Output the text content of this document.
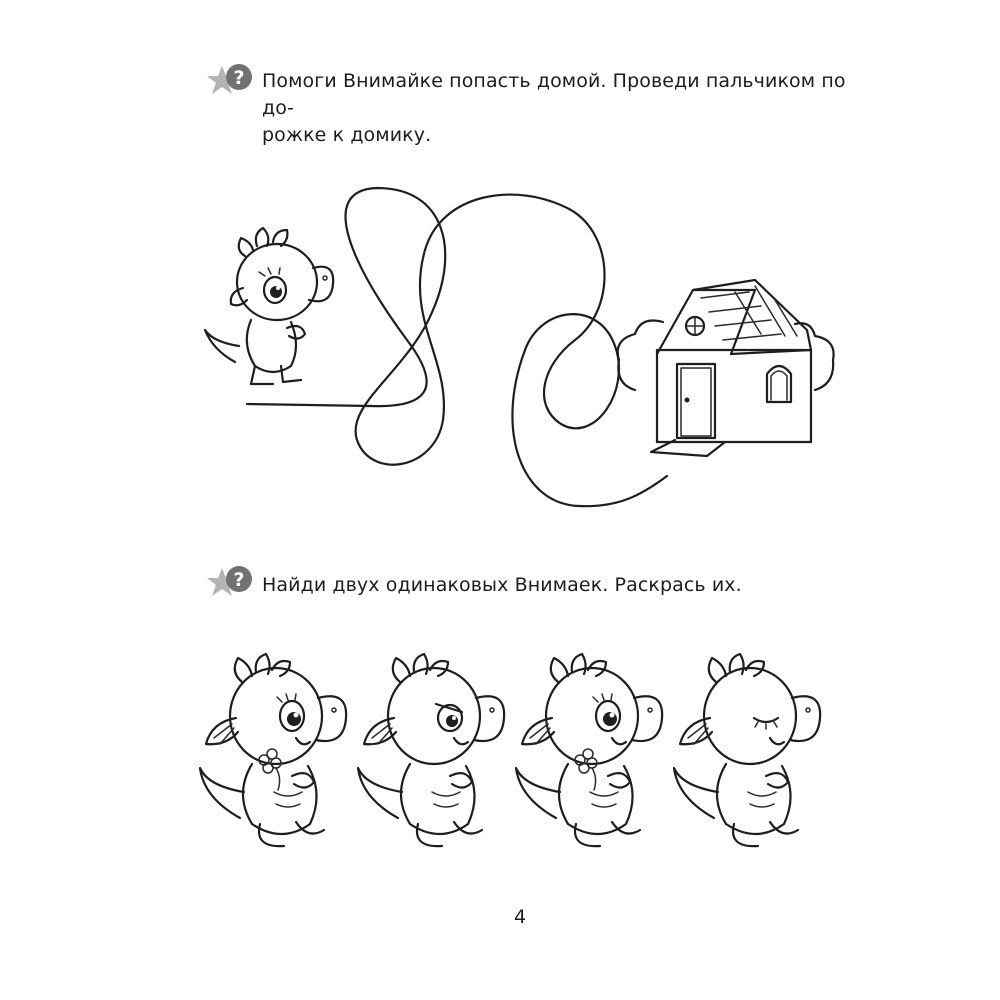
? Помоги Внимайке попасть домой. Проведи пальчиком по до-
рожке к домику.
? Найди двух одинаковых Внимаек. Раскрась их.
4
